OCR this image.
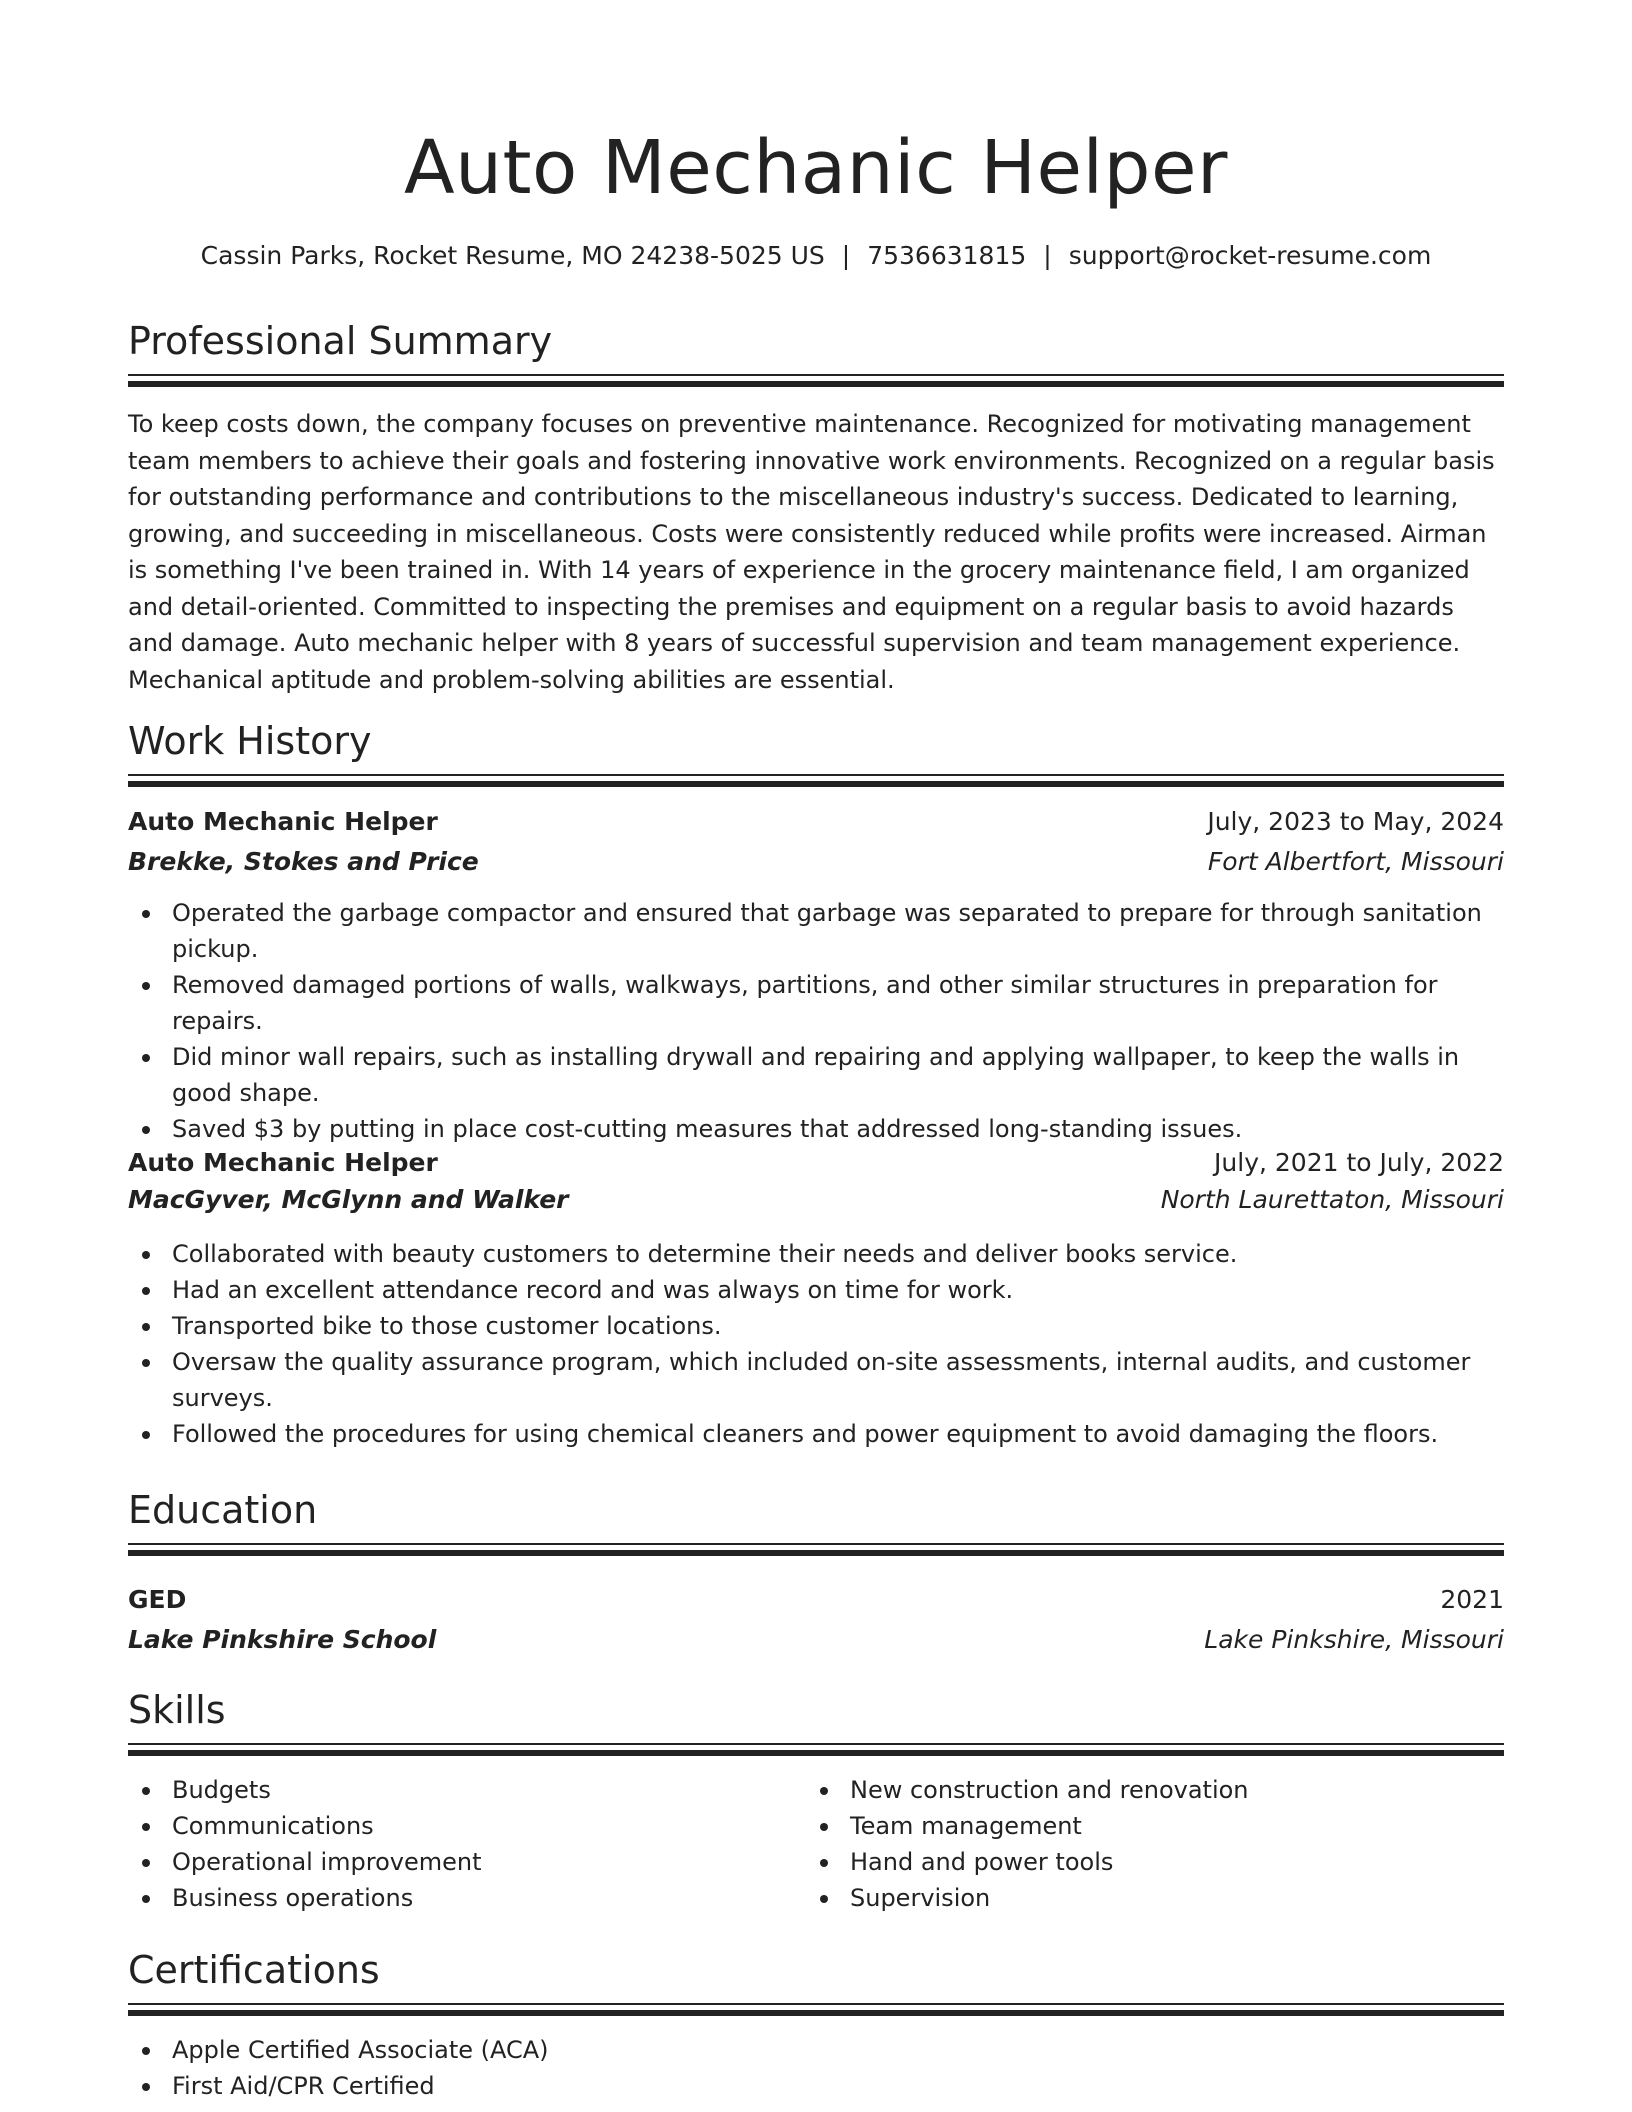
Auto Mechanic Helper
Cassin Parks, Rocket Resume, MO 24238-5025 US | 7536631815 | support@rocket-resume.com
Professional Summary

To keep costs down, the company focuses on preventive maintenance. Recognized for motivating management team members to achieve their goals and fostering innovative work environments. Recognized on a regular basis for outstanding performance and contributions to the miscellaneous industry's success. Dedicated to learning, growing, and succeeding in miscellaneous. Costs were consistently reduced while profits were increased. Airman is something I've been trained in. With 14 years of experience in the grocery maintenance field, I am organized and detail-oriented. Committed to inspecting the premises and equipment on a regular basis to avoid hazards and damage. Auto mechanic helper with 8 years of successful supervision and team management experience. Mechanical aptitude and problem-solving abilities are essential.

Work History
Auto Mechanic Helper	July, 2023 to May, 2024
Brekke, Stokes and Price	Fort Albertfort, Missouri
Operated the garbage compactor and ensured that garbage was separated to prepare for through sanitation pickup.
Removed damaged portions of walls, walkways, partitions, and other similar structures in preparation for repairs.
Did minor wall repairs, such as installing drywall and repairing and applying wallpaper, to keep the walls in good shape.
Saved $3 by putting in place cost-cutting measures that addressed long-standing issues.
Auto Mechanic Helper	July, 2021 to July, 2022
MacGyver, McGlynn and Walker	North Laurettaton, Missouri
Collaborated with beauty customers to determine their needs and deliver books service.
Had an excellent attendance record and was always on time for work.
Transported bike to those customer locations.
Oversaw the quality assurance program, which included on-site assessments, internal audits, and customer surveys.
Followed the procedures for using chemical cleaners and power equipment to avoid damaging the floors.
Education
GED	2021
Lake Pinkshire School	Lake Pinkshire, Missouri
Skills
Budgets
Communications
Operational improvement
Business operations
New construction and renovation
Team management
Hand and power tools
Supervision
Certifications
Apple Certified Associate (ACA)
First Aid/CPR Certified
